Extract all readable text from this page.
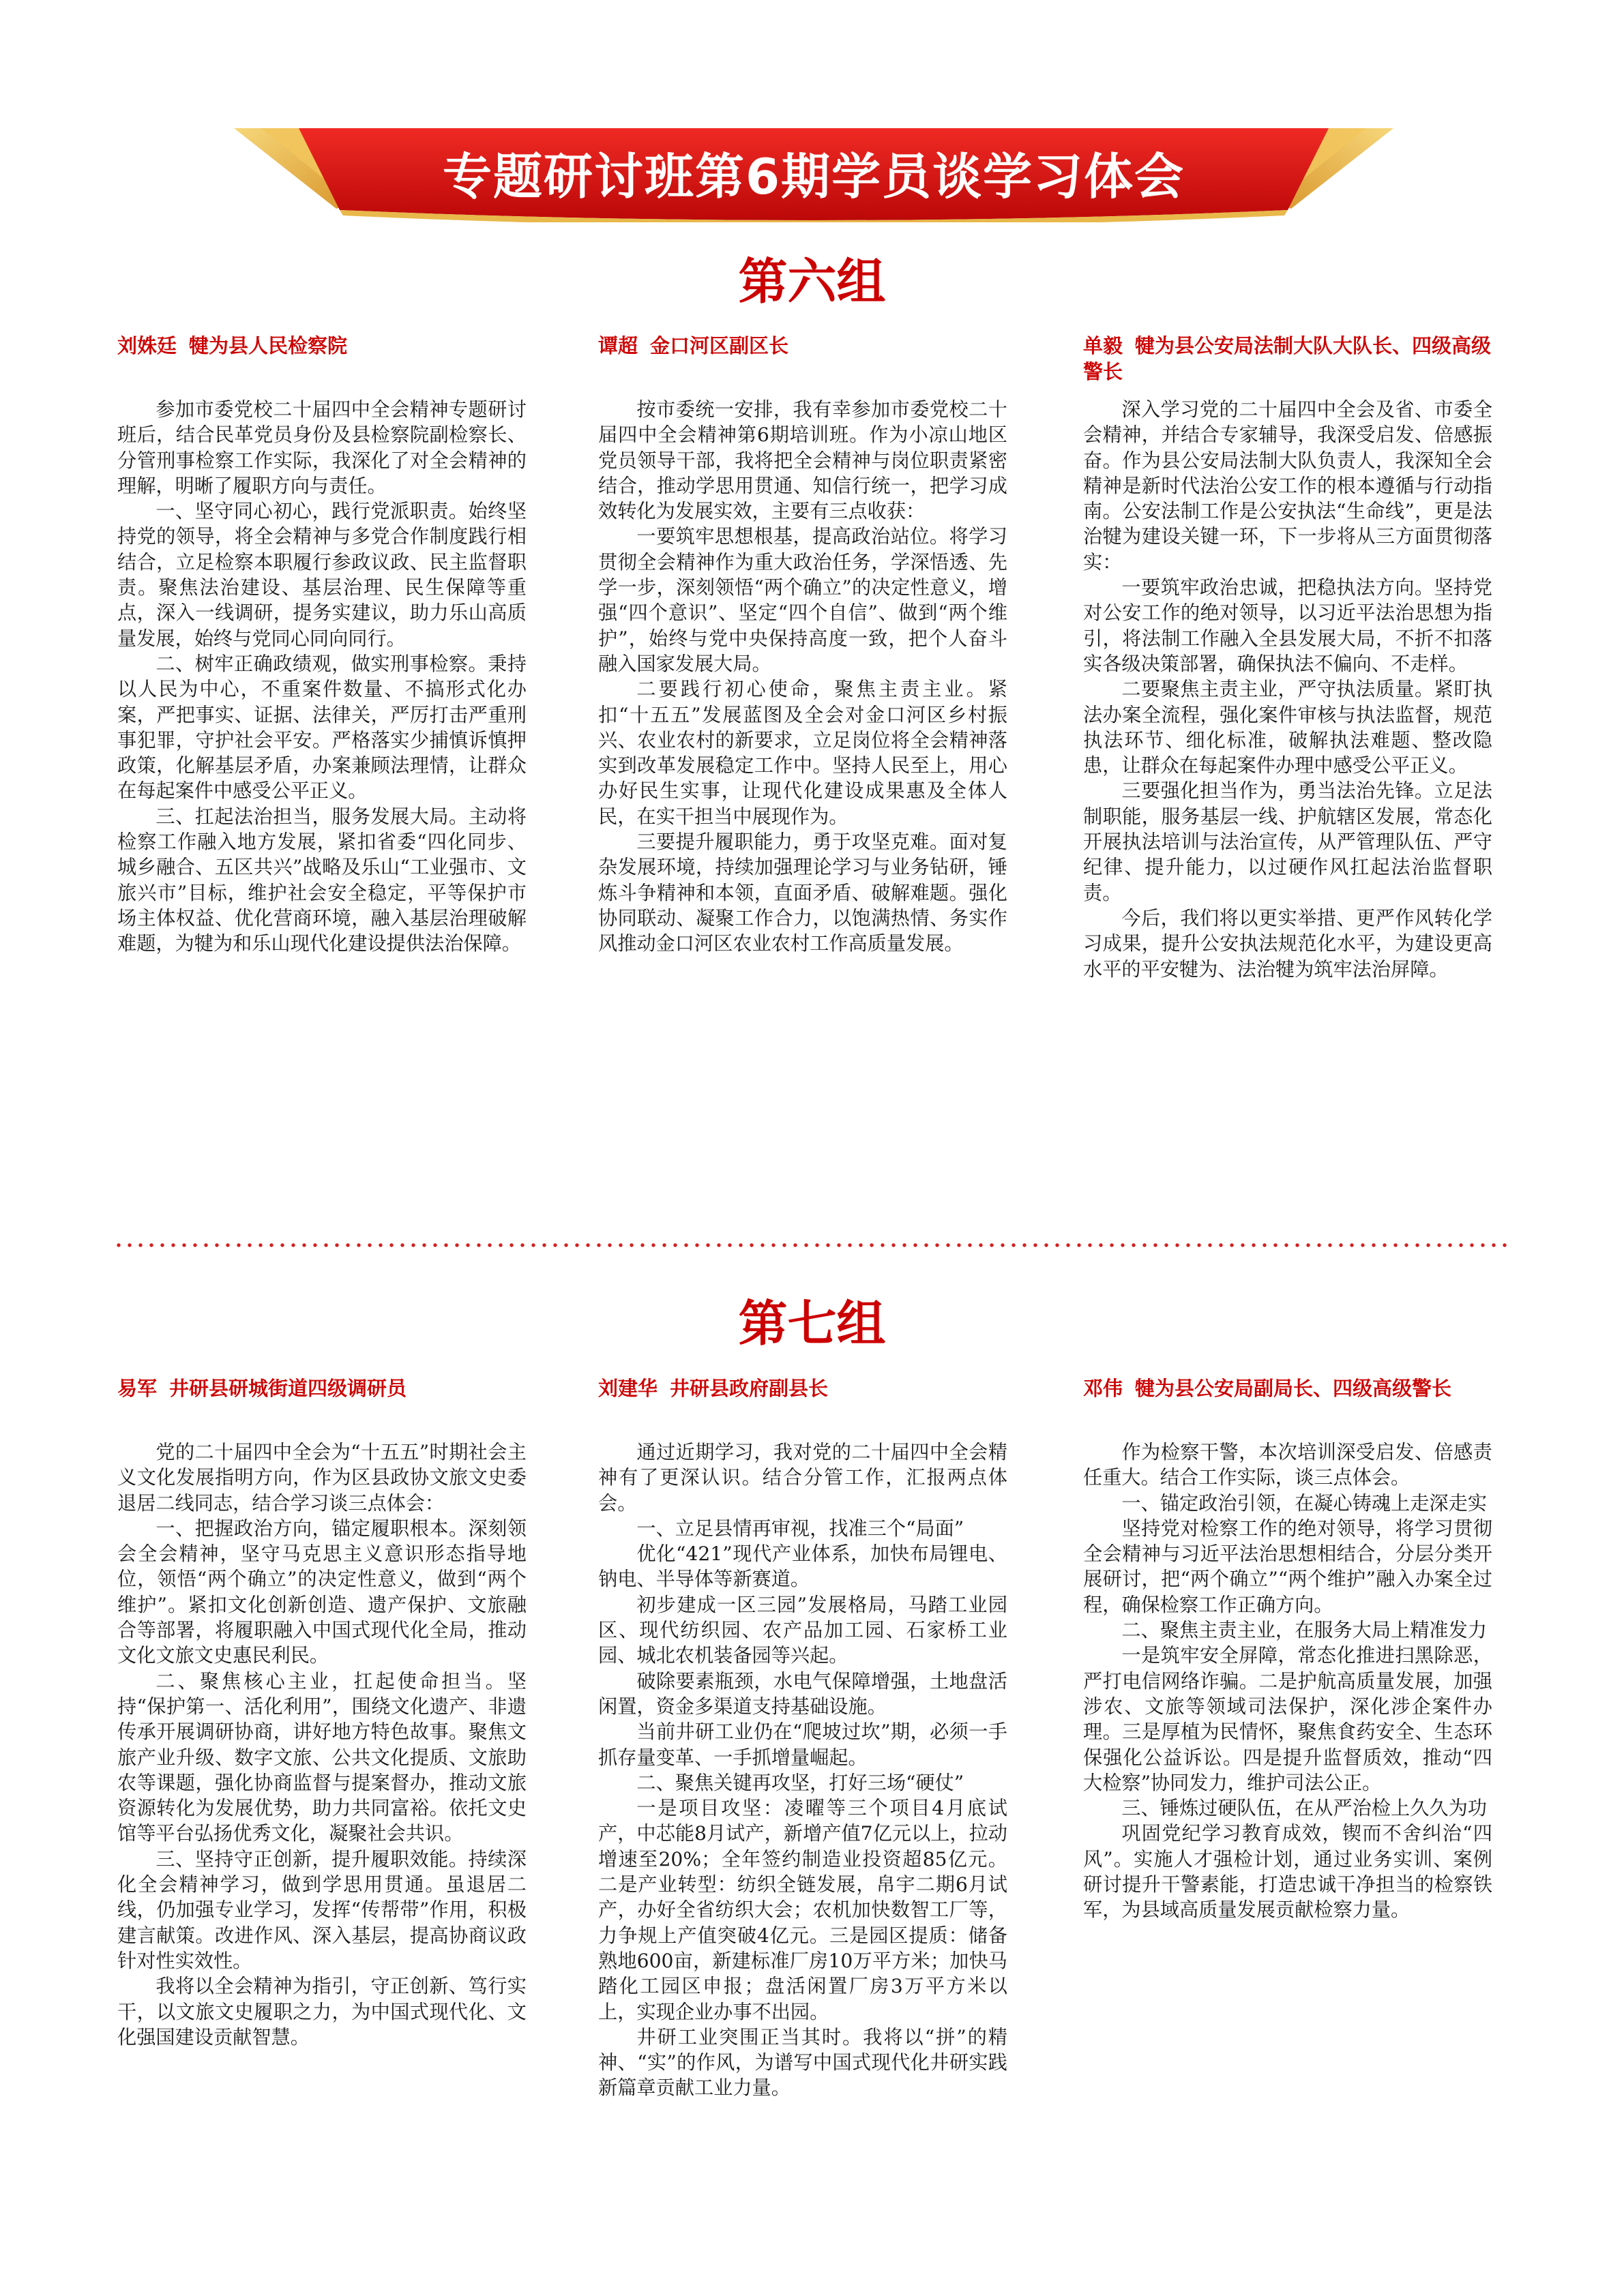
专题研讨班第6期学员谈学习体会
第六组
刘姝廷 犍为县人民检察院

参加市委党校二十届四中全会精神专题研讨班后，结合民革党员身份及县检察院副检察长、分管刑事检察工作实际，我深化了对全会精神的理解，明晰了履职方向与责任。

一、坚守同心初心，践行党派职责。始终坚持党的领导，将全会精神与多党合作制度践行相结合，立足检察本职履行参政议政、民主监督职责。聚焦法治建设、基层治理、民生保障等重点，深入一线调研，提务实建议，助力乐山高质量发展，始终与党同心同向同行。

二、树牢正确政绩观，做实刑事检察。秉持以人民为中心，不重案件数量、不搞形式化办案，严把事实、证据、法律关，严厉打击严重刑事犯罪，守护社会平安。严格落实少捕慎诉慎押政策，化解基层矛盾，办案兼顾法理情，让群众在每起案件中感受公平正义。

三、扛起法治担当，服务发展大局。主动将检察工作融入地方发展，紧扣省委“四化同步、城乡融合、五区共兴”战略及乐山“工业强市、文旅兴市”目标，维护社会安全稳定，平等保护市场主体权益、优化营商环境，融入基层治理破解难题，为犍为和乐山现代化建设提供法治保障。

谭超 金口河区副区长

按市委统一安排，我有幸参加市委党校二十届四中全会精神第6期培训班。作为小凉山地区党员领导干部，我将把全会精神与岗位职责紧密结合，推动学思用贯通、知信行统一，把学习成效转化为发展实效，主要有三点收获：

一要筑牢思想根基，提高政治站位。将学习贯彻全会精神作为重大政治任务，学深悟透、先学一步，深刻领悟“两个确立”的决定性意义，增强“四个意识”、坚定“四个自信”、做到“两个维护”，始终与党中央保持高度一致，把个人奋斗融入国家发展大局。

二要践行初心使命，聚焦主责主业。紧扣“十五五”发展蓝图及全会对金口河区乡村振兴、农业农村的新要求，立足岗位将全会精神落实到改革发展稳定工作中。坚持人民至上，用心办好民生实事，让现代化建设成果惠及全体人民，在实干担当中展现作为。

三要提升履职能力，勇于攻坚克难。面对复杂发展环境，持续加强理论学习与业务钻研，锤炼斗争精神和本领，直面矛盾、破解难题。强化协同联动、凝聚工作合力，以饱满热情、务实作风推动金口河区农业农村工作高质量发展。

单毅 犍为县公安局法制大队大队长、四级高级警长

深入学习党的二十届四中全会及省、市委全会精神，并结合专家辅导，我深受启发、倍感振奋。作为县公安局法制大队负责人，我深知全会精神是新时代法治公安工作的根本遵循与行动指南。公安法制工作是公安执法“生命线”，更是法治犍为建设关键一环，下一步将从三方面贯彻落实：

一要筑牢政治忠诚，把稳执法方向。坚持党对公安工作的绝对领导，以习近平法治思想为指引，将法制工作融入全县发展大局，不折不扣落实各级决策部署，确保执法不偏向、不走样。

二要聚焦主责主业，严守执法质量。紧盯执法办案全流程，强化案件审核与执法监督，规范执法环节、细化标准，破解执法难题、整改隐患，让群众在每起案件办理中感受公平正义。

三要强化担当作为，勇当法治先锋。立足法制职能，服务基层一线、护航辖区发展，常态化开展执法培训与法治宣传，从严管理队伍、严守纪律、提升能力，以过硬作风扛起法治监督职责。

今后，我们将以更实举措、更严作风转化学习成果，提升公安执法规范化水平，为建设更高水平的平安犍为、法治犍为筑牢法治屏障。

第七组
易军 井研县研城街道四级调研员

党的二十届四中全会为“十五五”时期社会主义文化发展指明方向，作为区县政协文旅文史委退居二线同志，结合学习谈三点体会：

一、把握政治方向，锚定履职根本。深刻领会全会精神，坚守马克思主义意识形态指导地位，领悟“两个确立”的决定性意义，做到“两个维护”。紧扣文化创新创造、遗产保护、文旅融合等部署，将履职融入中国式现代化全局，推动文化文旅文史惠民利民。

二、聚焦核心主业，扛起使命担当。坚持“保护第一、活化利用”，围绕文化遗产、非遗传承开展调研协商，讲好地方特色故事。聚焦文旅产业升级、数字文旅、公共文化提质、文旅助农等课题，强化协商监督与提案督办，推动文旅资源转化为发展优势，助力共同富裕。依托文史馆等平台弘扬优秀文化，凝聚社会共识。

三、坚持守正创新，提升履职效能。持续深化全会精神学习，做到学思用贯通。虽退居二线，仍加强专业学习，发挥“传帮带”作用，积极建言献策。改进作风、深入基层，提高协商议政针对性实效性。

我将以全会精神为指引，守正创新、笃行实干，以文旅文史履职之力，为中国式现代化、文化强国建设贡献智慧。

刘建华 井研县政府副县长

通过近期学习，我对党的二十届四中全会精神有了更深认识。结合分管工作，汇报两点体会。

一、立足县情再审视，找准三个“局面”

优化“421”现代产业体系，加快布局锂电、钠电、半导体等新赛道。

初步建成一区三园”发展格局，马踏工业园区、现代纺织园、农产品加工园、石家桥工业园、城北农机装备园等兴起。

破除要素瓶颈，水电气保障增强，土地盘活闲置，资金多渠道支持基础设施。

当前井研工业仍在“爬坡过坎”期，必须一手抓存量变革、一手抓增量崛起。

二、聚焦关键再攻坚，打好三场“硬仗”

一是项目攻坚：凌曜等三个项目4月底试产，中芯能8月试产，新增产值7亿元以上，拉动增速至20%；全年签约制造业投资超85亿元。二是产业转型：纺织全链发展，帛宇二期6月试产，办好全省纺织大会；农机加快数智工厂等，力争规上产值突破4亿元。三是园区提质：储备熟地600亩，新建标准厂房10万平方米；加快马踏化工园区申报；盘活闲置厂房3万平方米以上，实现企业办事不出园。

井研工业突围正当其时。我将以“拼”的精神、“实”的作风，为谱写中国式现代化井研实践新篇章贡献工业力量。

邓伟 犍为县公安局副局长、四级高级警长

作为检察干警，本次培训深受启发、倍感责任重大。结合工作实际，谈三点体会。

一、锚定政治引领，在凝心铸魂上走深走实

坚持党对检察工作的绝对领导，将学习贯彻全会精神与习近平法治思想相结合，分层分类开展研讨，把“两个确立”“两个维护”融入办案全过程，确保检察工作正确方向。

二、聚焦主责主业，在服务大局上精准发力

一是筑牢安全屏障，常态化推进扫黑除恶，严打电信网络诈骗。二是护航高质量发展，加强涉农、文旅等领域司法保护，深化涉企案件办理。三是厚植为民情怀，聚焦食药安全、生态环保强化公益诉讼。四是提升监督质效，推动“四大检察”协同发力，维护司法公正。

三、锤炼过硬队伍，在从严治检上久久为功

巩固党纪学习教育成效，锲而不舍纠治“四风”。实施人才强检计划，通过业务实训、案例研讨提升干警素能，打造忠诚干净担当的检察铁军，为县域高质量发展贡献检察力量。
